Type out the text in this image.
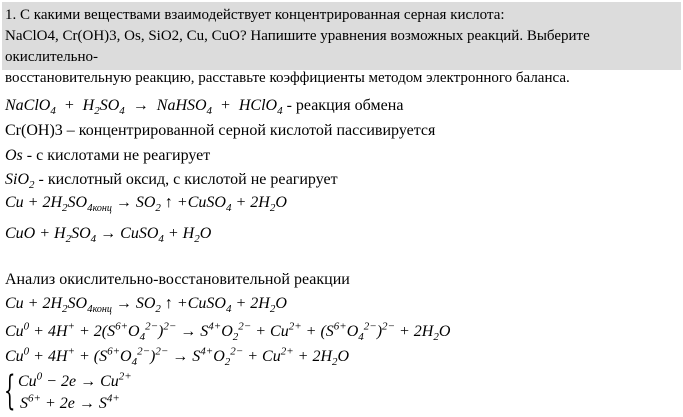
1. С какими веществами взаимодействует концентрированная серная кислота:
NaClO4, Cr(OH)3, Os, SiO2, Cu, CuO? Напишите уравнения возможных реакций. Выберите окислительно-
восстановительную реакцию, расставьте коэффициенты методом электронного баланса.
NaClO$_4$  +  $H_2SO_4$  →  NaHSO$_4$  +  HClO$_4$ - реакция обмена
Cr(OH)3 – концентрированной серной кислотой пассивируется
Os - с кислотами не реагирует
SiO$_2$ - кислотный оксид, с кислотой не реагирует
$Cu + 2H_2SO_{4конц} \to SO_2$ ↑ +CuSO$_4$ + $2H_2O$
CuO + $H_2SO_4$ → CuSO$_4$ + $H_2O$
Анализ окислительно-восстановительной реакции
$Cu + 2H_2SO_{4конц} \to SO_2$ ↑ +CuSO$_4$ + $2H_2O$
$Cu^0 + 4H^+ + 2(S^{6+}O_4^{2-})^{2-} \to S^{4+}O_2^{2-} + Cu^{2+} + (S^{6+}O_4^{2-})^{2-} + 2H_2O$
$Cu^0 + 4H^+ + (S^{6+}O_4^{2-})^{2-} \to S^{4+}O_2^{2-} + Cu^{2+} + 2H_2O$
{ $Cu^0 - 2e \to Cu^{2+}$
$S^{6+} + 2e \to S^{4+}$
